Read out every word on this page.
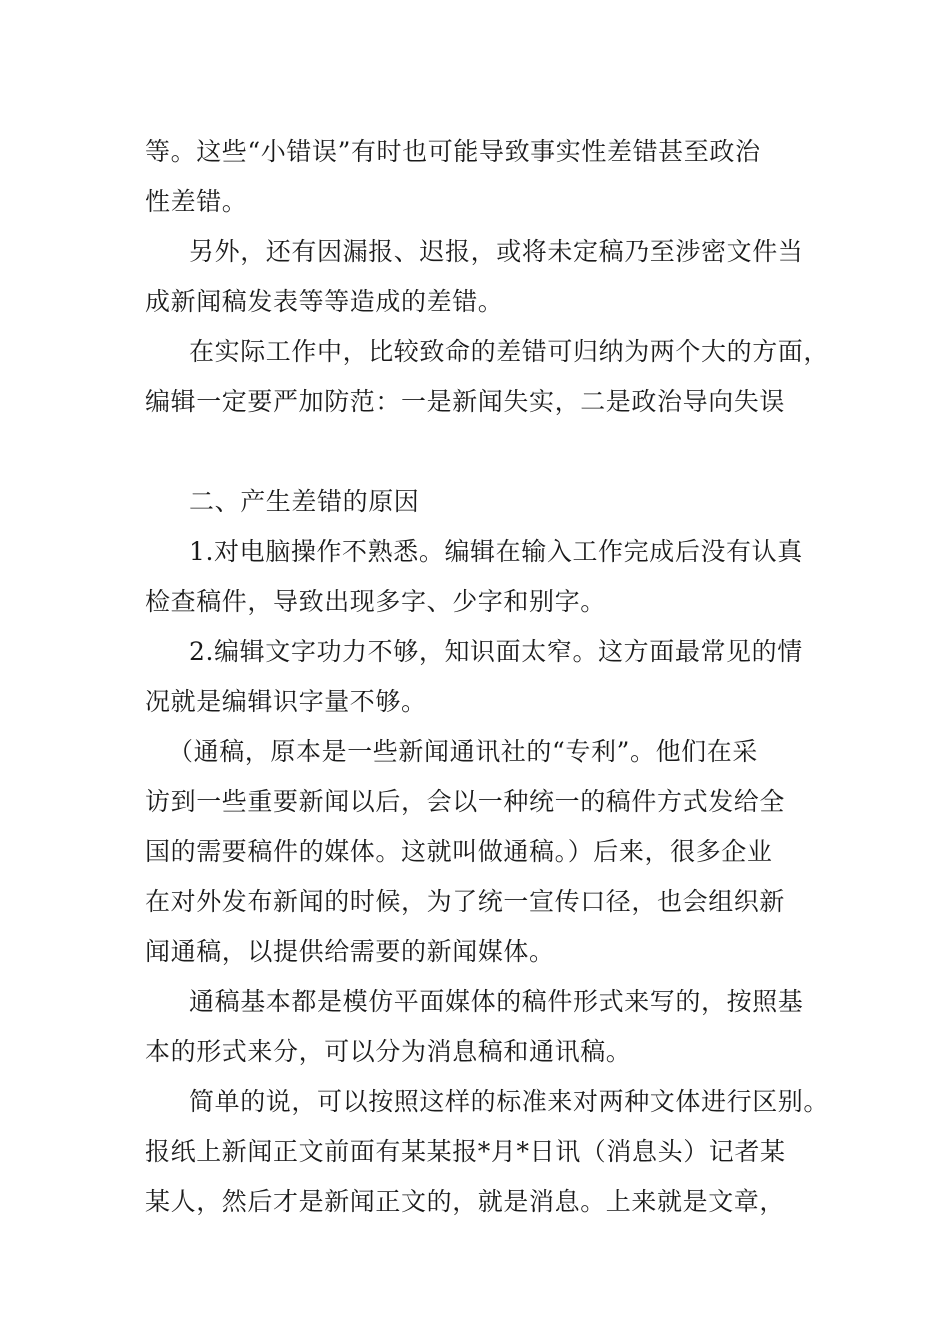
等。这些“小错误”有时也可能导致事实性差错甚至政治
性差错。
另外，还有因漏报、迟报，或将未定稿乃至涉密文件当
成新闻稿发表等等造成的差错。
在实际工作中，比较致命的差错可归纳为两个大的方面，
编辑一定要严加防范：一是新闻失实，二是政治导向失误
二、产生差错的原因
1.对电脑操作不熟悉。编辑在输入工作完成后没有认真
检查稿件，导致出现多字、少字和别字。
2.编辑文字功力不够，知识面太窄。这方面最常见的情
况就是编辑识字量不够。
（通稿，原本是一些新闻通讯社的“专利”。他们在采
访到一些重要新闻以后，会以一种统一的稿件方式发给全
国的需要稿件的媒体。这就叫做通稿。）后来，很多企业
在对外发布新闻的时候，为了统一宣传口径，也会组织新
闻通稿，以提供给需要的新闻媒体。
通稿基本都是模仿平面媒体的稿件形式来写的，按照基
本的形式来分，可以分为消息稿和通讯稿。
简单的说，可以按照这样的标准来对两种文体进行区别。
报纸上新闻正文前面有某某报*月*日讯（消息头）记者某
某人，然后才是新闻正文的，就是消息。上来就是文章，
